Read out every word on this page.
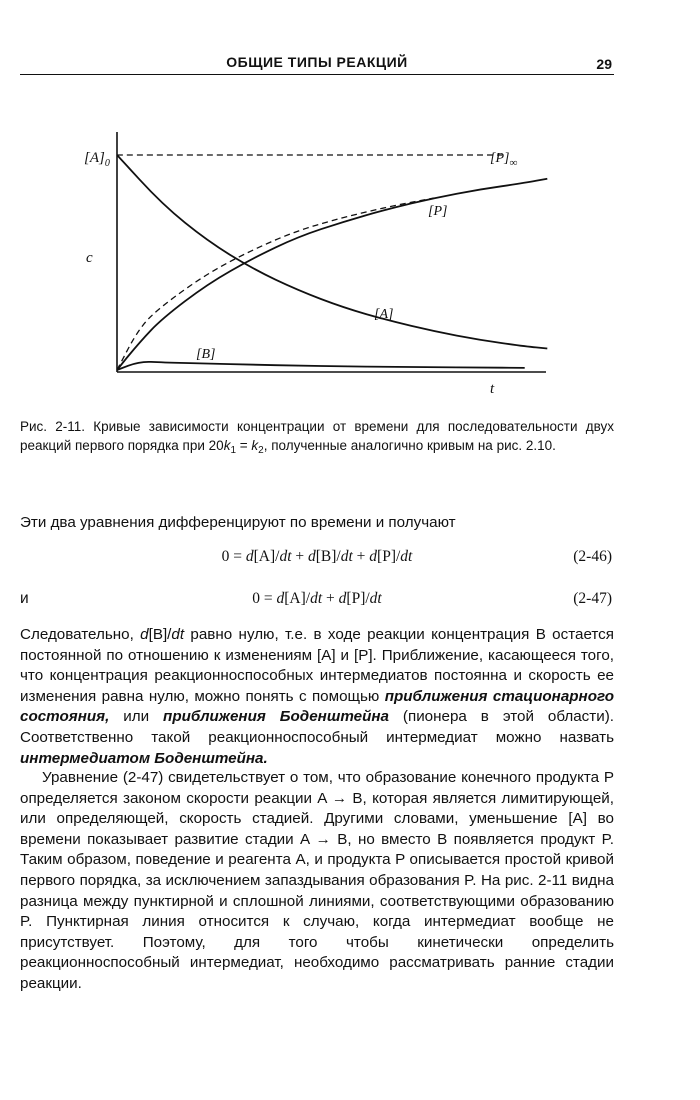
ОБЩИЕ ТИПЫ РЕАКЦИЙ	29
$[A]_0$
c
t
$[P]_\infty$
[P]
[A]
[B]
Рис. 2-11. Кривые зависимости концентрации от времени для последовательности двух реакций первого порядка при $20k_1 = k_2$, полученные аналогично кривым на рис. 2.10.
Эти два уравнения дифференцируют по времени и получают
0 = d[A]/dt + d[B]/dt + d[P]/dt	(2-46)
и	0 = d[A]/dt + d[P]/dt	(2-47)
Следовательно, d[B]/dt равно нулю, т.е. в ходе реакции концентрация B остается постоянной по отношению к изменениям [A] и [P]. Приближение, касающееся того, что концентрация реакционноспособных интермедиатов постоянна и скорость ее изменения равна нулю, можно понять с помощью приближения стационарного состояния, или приближения Боденштейна (пионера в этой области). Соответственно такой реакционноспособный интермедиат можно назвать интермедиатом Боденштейна.
Уравнение (2-47) свидетельствует о том, что образование конечного продукта P определяется законом скорости реакции A → B, которая является лимитирующей, или определяющей, скорость стадией. Другими словами, уменьшение [A] во времени показывает развитие стадии A → B, но вместо B появляется продукт P. Таким образом, поведение и реагента A, и продукта P описывается простой кривой первого порядка, за исключением запаздывания образования P. На рис. 2-11 видна разница между пунктирной и сплошной линиями, соответствующими образованию P. Пунктирная линия относится к случаю, когда интермедиат вообще не присутствует. Поэтому, для того чтобы кинетически определить реакционноспособный интермедиат, необходимо рассматривать ранние стадии реакции.
